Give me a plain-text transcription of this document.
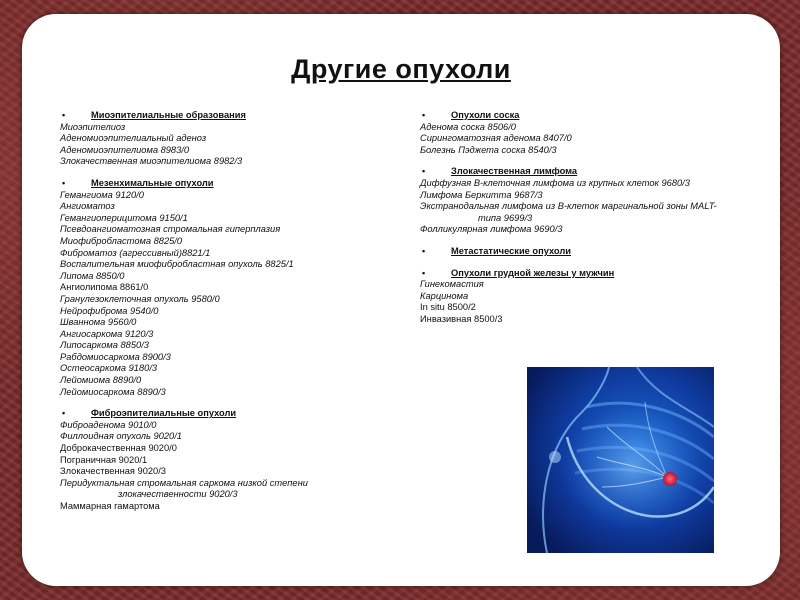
Другие опухоли
•	Миоэпителиальные образования
Миоэпителиоз
Аденомиоэпителиальный аденоз
Аденомиоэпителиома 8983/0
Злокачественная миоэпителиома 8982/3
•	Мезенхимальные опухоли
Гемангиома 9120/0
Ангиоматоз
Гемангиоперицитома 9150/1
Псевдоангиоматозная стромальная гиперплазия
Миофибробластома 8825/0
Фиброматоз (агрессивный)8821/1
Воспалительная миофибробластная опухоль 8825/1
Липома 8850/0
Ангиолипома 8861/0
Гранулезоклеточная опухоль 9580/0
Нейрофиброма 9540/0
Шваннома 9560/0
Ангиосаркома 9120/3
Липосаркома 8850/3
Рабдомиосаркома 8900/3
Остеосаркома 9180/3
Лейомиома 8890/0
Лейомиосаркома 8890/3
•	Фиброэпителиальные опухоли
Фиброаденома 9010/0
Филлоидная опухоль 9020/1
Доброкачественная 9020/0
Пограничная 9020/1
Злокачественная 9020/3
Перидуктальная стромальная саркома низкой степени
злокачественности 9020/3
Маммарная гамартома
•	Опухоли соска
Аденома соска 8506/0
Сирингоматозная аденома 8407/0
Болезнь Пэджета соска 8540/3
•	Злокачественная лимфома
Диффузная В-клеточная лимфома из крупных клеток 9680/3
Лимфома Беркитта 9687/3
Экстранодальная лимфома из В-клеток маргинальной зоны MALT-
типа 9699/3
Фолликулярная лимфома 9690/3
•	Метастатические опухоли
•	Опухоли грудной железы у мужчин
Гинекомастия
Карцинома
In situ 8500/2
Инвазивная 8500/3
